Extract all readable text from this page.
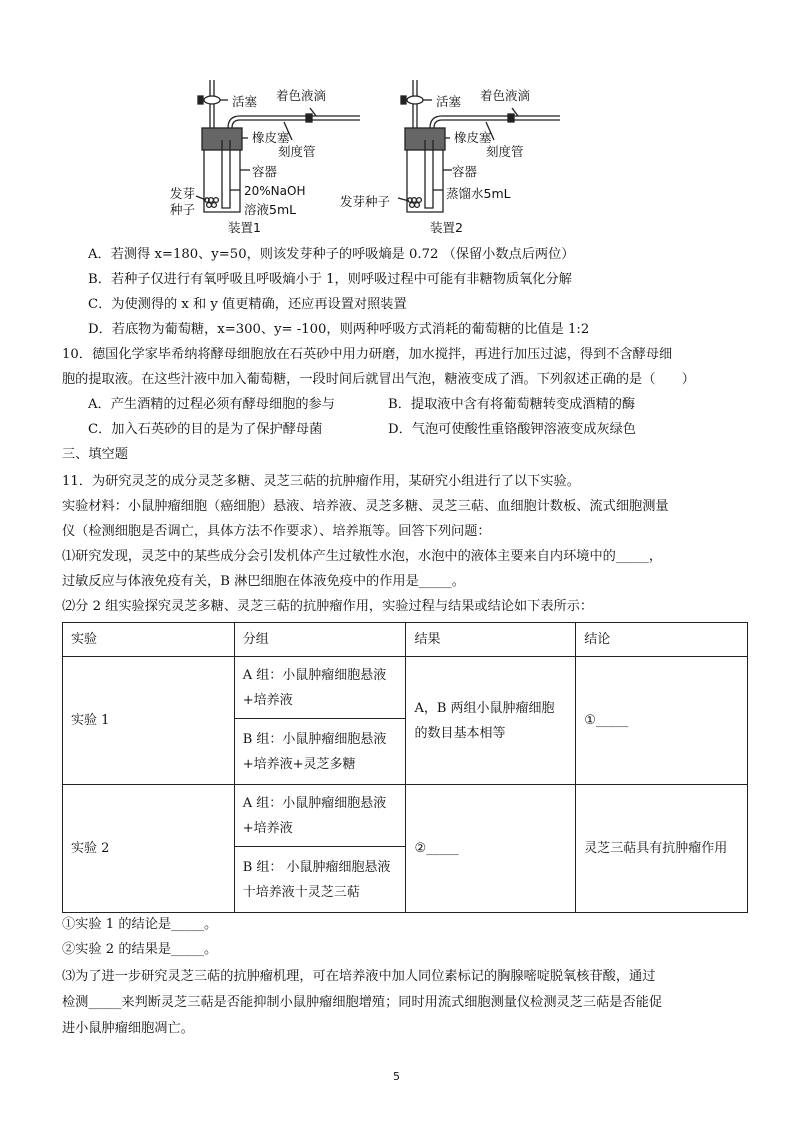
活塞 着色液滴
橡皮塞
刻度管
容器
发芽
种子
20%NaOH
溶液5mL
装置1
活塞 着色液滴
橡皮塞
刻度管
容器
发芽种子
蒸馏水5mL
装置2
A．若测得 x=180、y=50，则该发芽种子的呼吸熵是 0.72 （保留小数点后两位）
B．若种子仅进行有氧呼吸且呼吸熵小于 1，则呼吸过程中可能有非糖物质氧化分解
C．为使测得的 x 和 y 值更精确，还应再设置对照装置
D．若底物为葡萄糖，x=300、y= -100，则两种呼吸方式消耗的葡萄糖的比值是 1:2
10．德国化学家毕希纳将酵母细胞放在石英砂中用力研磨，加水搅拌，再进行加压过滤，得到不含酵母细
胞的提取液。在这些汁液中加入葡萄糖，一段时间后就冒出气泡，糖液变成了酒。下列叙述正确的是（　　）
A．产生酒精的过程必须有酵母细胞的参与	B．提取液中含有将葡萄糖转变成酒精的酶
C．加入石英砂的目的是为了保护酵母菌	D．气泡可使酸性重铬酸钾溶液变成灰绿色
三、填空题
11．为研究灵芝的成分灵芝多糖、灵芝三萜的抗肿瘤作用，某研究小组进行了以下实验。
实验材料：小鼠肿瘤细胞（癌细胞）悬液、培养液、灵芝多糖、灵芝三萜、血细胞计数板、流式细胞测量
仪（检测细胞是否调亡，具体方法不作要求）、培养瓶等。回答下列问题：
⑴研究发现，灵芝中的某些成分会引发机体产生过敏性水泡，水泡中的液体主要来自内环境中的_____，
过敏反应与体液免疫有关，B 淋巴细胞在体液免疫中的作用是_____。
⑵分 2 组实验探究灵芝多糖、灵芝三萜的抗肿瘤作用，实验过程与结果或结论如下表所示：
实验	分组	结果	结论
实验 1	A 组：小鼠肿瘤细胞悬液+培养液	A，B 两组小鼠肿瘤细胞的数目基本相等	①_____
	B 组：小鼠肿瘤细胞悬液+培养液+灵芝多糖		
实验 2	A 组：小鼠肿瘤细胞悬液+培养液	②_____	灵芝三萜具有抗肿瘤作用
	B 组： 小鼠肿瘤细胞悬液十培养液十灵芝三萜		
①实验 1 的结论是_____。
②实验 2 的结果是_____。
⑶为了进一步研究灵芝三萜的抗肿瘤机理，可在培养液中加人同位素标记的胸腺嘧啶脱氧核苷酸，通过
检测_____来判断灵芝三萜是否能抑制小鼠肿瘤细胞增殖；同时用流式细胞测量仪检测灵芝三萜是否能促
进小鼠肿瘤细胞凋亡。
5
